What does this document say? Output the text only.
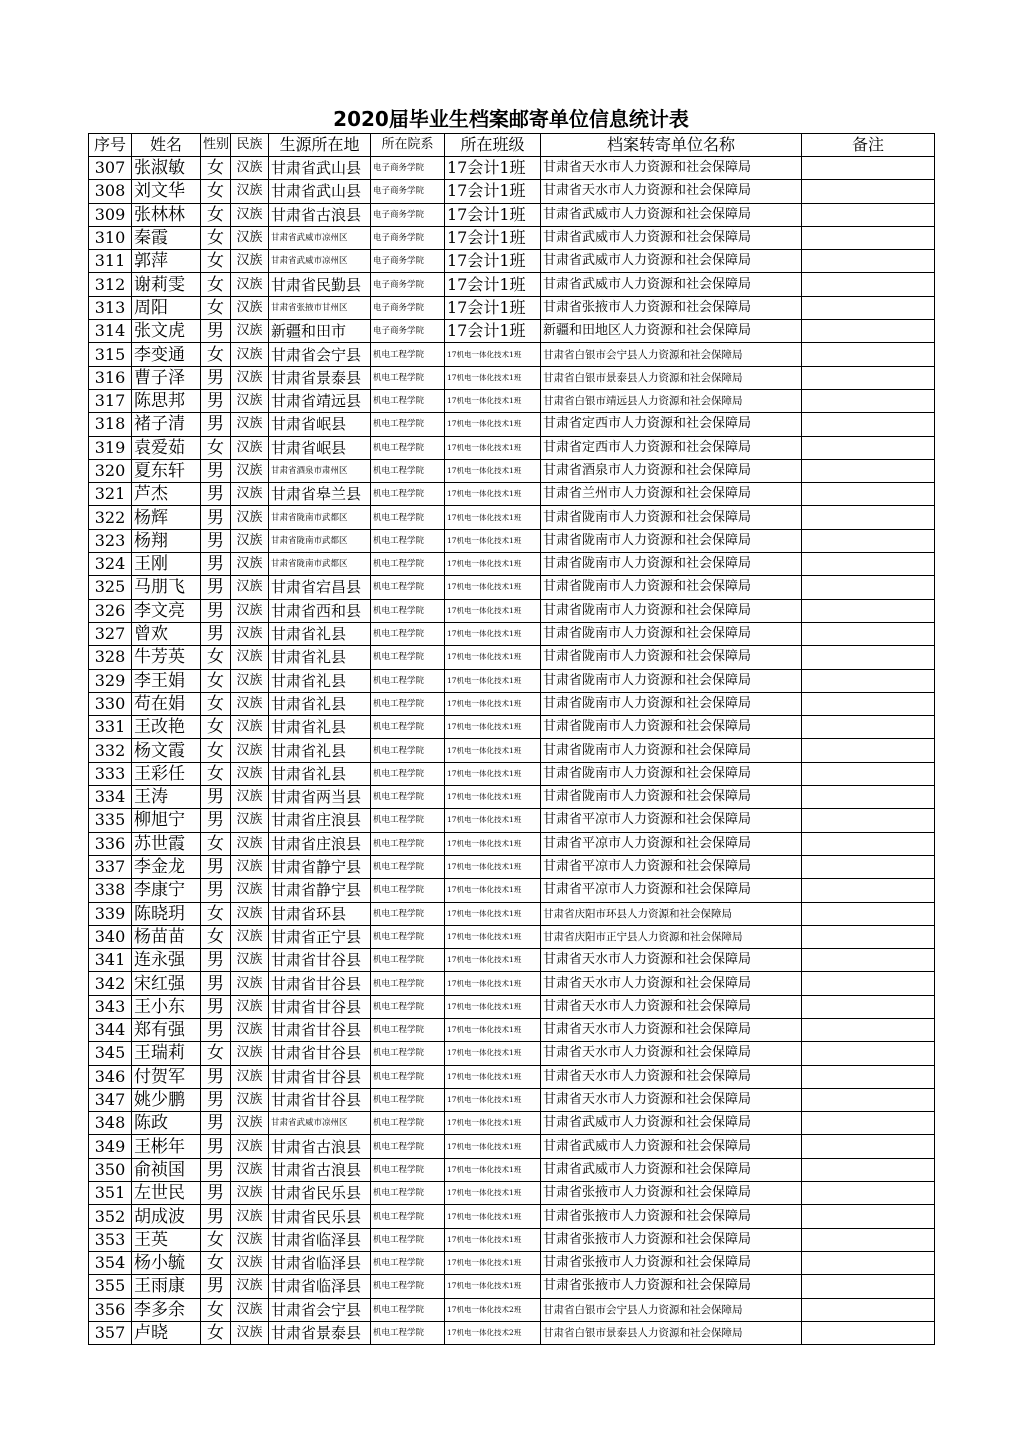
2020届毕业生档案邮寄单位信息统计表
序号	姓名	性别	民族	生源所在地	所在院系	所在班级	档案转寄单位名称	备注
307	张淑敏	女	汉族	甘肃省武山县	电子商务学院	17会计1班	甘肃省天水市人力资源和社会保障局	
308	刘文华	女	汉族	甘肃省武山县	电子商务学院	17会计1班	甘肃省天水市人力资源和社会保障局	
309	张林林	女	汉族	甘肃省古浪县	电子商务学院	17会计1班	甘肃省武威市人力资源和社会保障局	
310	秦霞	女	汉族	甘肃省武威市凉州区	电子商务学院	17会计1班	甘肃省武威市人力资源和社会保障局	
311	郭萍	女	汉族	甘肃省武威市凉州区	电子商务学院	17会计1班	甘肃省武威市人力资源和社会保障局	
312	谢莉雯	女	汉族	甘肃省民勤县	电子商务学院	17会计1班	甘肃省武威市人力资源和社会保障局	
313	周阳	女	汉族	甘肃省张掖市甘州区	电子商务学院	17会计1班	甘肃省张掖市人力资源和社会保障局	
314	张文虎	男	汉族	新疆和田市	电子商务学院	17会计1班	新疆和田地区人力资源和社会保障局	
315	李变通	女	汉族	甘肃省会宁县	机电工程学院	17机电一体化技术1班	甘肃省白银市会宁县人力资源和社会保障局	
316	曹子泽	男	汉族	甘肃省景泰县	机电工程学院	17机电一体化技术1班	甘肃省白银市景泰县人力资源和社会保障局	
317	陈思邦	男	汉族	甘肃省靖远县	机电工程学院	17机电一体化技术1班	甘肃省白银市靖远县人力资源和社会保障局	
318	褚子清	男	汉族	甘肃省岷县	机电工程学院	17机电一体化技术1班	甘肃省定西市人力资源和社会保障局	
319	袁爱茹	女	汉族	甘肃省岷县	机电工程学院	17机电一体化技术1班	甘肃省定西市人力资源和社会保障局	
320	夏东轩	男	汉族	甘肃省酒泉市肃州区	机电工程学院	17机电一体化技术1班	甘肃省酒泉市人力资源和社会保障局	
321	芦杰	男	汉族	甘肃省皋兰县	机电工程学院	17机电一体化技术1班	甘肃省兰州市人力资源和社会保障局	
322	杨辉	男	汉族	甘肃省陇南市武都区	机电工程学院	17机电一体化技术1班	甘肃省陇南市人力资源和社会保障局	
323	杨翔	男	汉族	甘肃省陇南市武都区	机电工程学院	17机电一体化技术1班	甘肃省陇南市人力资源和社会保障局	
324	王刚	男	汉族	甘肃省陇南市武都区	机电工程学院	17机电一体化技术1班	甘肃省陇南市人力资源和社会保障局	
325	马朋飞	男	汉族	甘肃省宕昌县	机电工程学院	17机电一体化技术1班	甘肃省陇南市人力资源和社会保障局	
326	李文亮	男	汉族	甘肃省西和县	机电工程学院	17机电一体化技术1班	甘肃省陇南市人力资源和社会保障局	
327	曾欢	男	汉族	甘肃省礼县	机电工程学院	17机电一体化技术1班	甘肃省陇南市人力资源和社会保障局	
328	牛芳英	女	汉族	甘肃省礼县	机电工程学院	17机电一体化技术1班	甘肃省陇南市人力资源和社会保障局	
329	李王娟	女	汉族	甘肃省礼县	机电工程学院	17机电一体化技术1班	甘肃省陇南市人力资源和社会保障局	
330	苟在娟	女	汉族	甘肃省礼县	机电工程学院	17机电一体化技术1班	甘肃省陇南市人力资源和社会保障局	
331	王改艳	女	汉族	甘肃省礼县	机电工程学院	17机电一体化技术1班	甘肃省陇南市人力资源和社会保障局	
332	杨文霞	女	汉族	甘肃省礼县	机电工程学院	17机电一体化技术1班	甘肃省陇南市人力资源和社会保障局	
333	王彩任	女	汉族	甘肃省礼县	机电工程学院	17机电一体化技术1班	甘肃省陇南市人力资源和社会保障局	
334	王涛	男	汉族	甘肃省两当县	机电工程学院	17机电一体化技术1班	甘肃省陇南市人力资源和社会保障局	
335	柳旭宁	男	汉族	甘肃省庄浪县	机电工程学院	17机电一体化技术1班	甘肃省平凉市人力资源和社会保障局	
336	苏世霞	女	汉族	甘肃省庄浪县	机电工程学院	17机电一体化技术1班	甘肃省平凉市人力资源和社会保障局	
337	李金龙	男	汉族	甘肃省静宁县	机电工程学院	17机电一体化技术1班	甘肃省平凉市人力资源和社会保障局	
338	李康宁	男	汉族	甘肃省静宁县	机电工程学院	17机电一体化技术1班	甘肃省平凉市人力资源和社会保障局	
339	陈晓玥	女	汉族	甘肃省环县	机电工程学院	17机电一体化技术1班	甘肃省庆阳市环县人力资源和社会保障局	
340	杨苗苗	女	汉族	甘肃省正宁县	机电工程学院	17机电一体化技术1班	甘肃省庆阳市正宁县人力资源和社会保障局	
341	连永强	男	汉族	甘肃省甘谷县	机电工程学院	17机电一体化技术1班	甘肃省天水市人力资源和社会保障局	
342	宋红强	男	汉族	甘肃省甘谷县	机电工程学院	17机电一体化技术1班	甘肃省天水市人力资源和社会保障局	
343	王小东	男	汉族	甘肃省甘谷县	机电工程学院	17机电一体化技术1班	甘肃省天水市人力资源和社会保障局	
344	郑有强	男	汉族	甘肃省甘谷县	机电工程学院	17机电一体化技术1班	甘肃省天水市人力资源和社会保障局	
345	王瑞莉	女	汉族	甘肃省甘谷县	机电工程学院	17机电一体化技术1班	甘肃省天水市人力资源和社会保障局	
346	付贺军	男	汉族	甘肃省甘谷县	机电工程学院	17机电一体化技术1班	甘肃省天水市人力资源和社会保障局	
347	姚少鹏	男	汉族	甘肃省甘谷县	机电工程学院	17机电一体化技术1班	甘肃省天水市人力资源和社会保障局	
348	陈政	男	汉族	甘肃省武威市凉州区	机电工程学院	17机电一体化技术1班	甘肃省武威市人力资源和社会保障局	
349	王彬年	男	汉族	甘肃省古浪县	机电工程学院	17机电一体化技术1班	甘肃省武威市人力资源和社会保障局	
350	俞祯国	男	汉族	甘肃省古浪县	机电工程学院	17机电一体化技术1班	甘肃省武威市人力资源和社会保障局	
351	左世民	男	汉族	甘肃省民乐县	机电工程学院	17机电一体化技术1班	甘肃省张掖市人力资源和社会保障局	
352	胡成波	男	汉族	甘肃省民乐县	机电工程学院	17机电一体化技术1班	甘肃省张掖市人力资源和社会保障局	
353	王英	女	汉族	甘肃省临泽县	机电工程学院	17机电一体化技术1班	甘肃省张掖市人力资源和社会保障局	
354	杨小毓	女	汉族	甘肃省临泽县	机电工程学院	17机电一体化技术1班	甘肃省张掖市人力资源和社会保障局	
355	王雨康	男	汉族	甘肃省临泽县	机电工程学院	17机电一体化技术1班	甘肃省张掖市人力资源和社会保障局	
356	李多余	女	汉族	甘肃省会宁县	机电工程学院	17机电一体化技术2班	甘肃省白银市会宁县人力资源和社会保障局	
357	卢晓	女	汉族	甘肃省景泰县	机电工程学院	17机电一体化技术2班	甘肃省白银市景泰县人力资源和社会保障局	
